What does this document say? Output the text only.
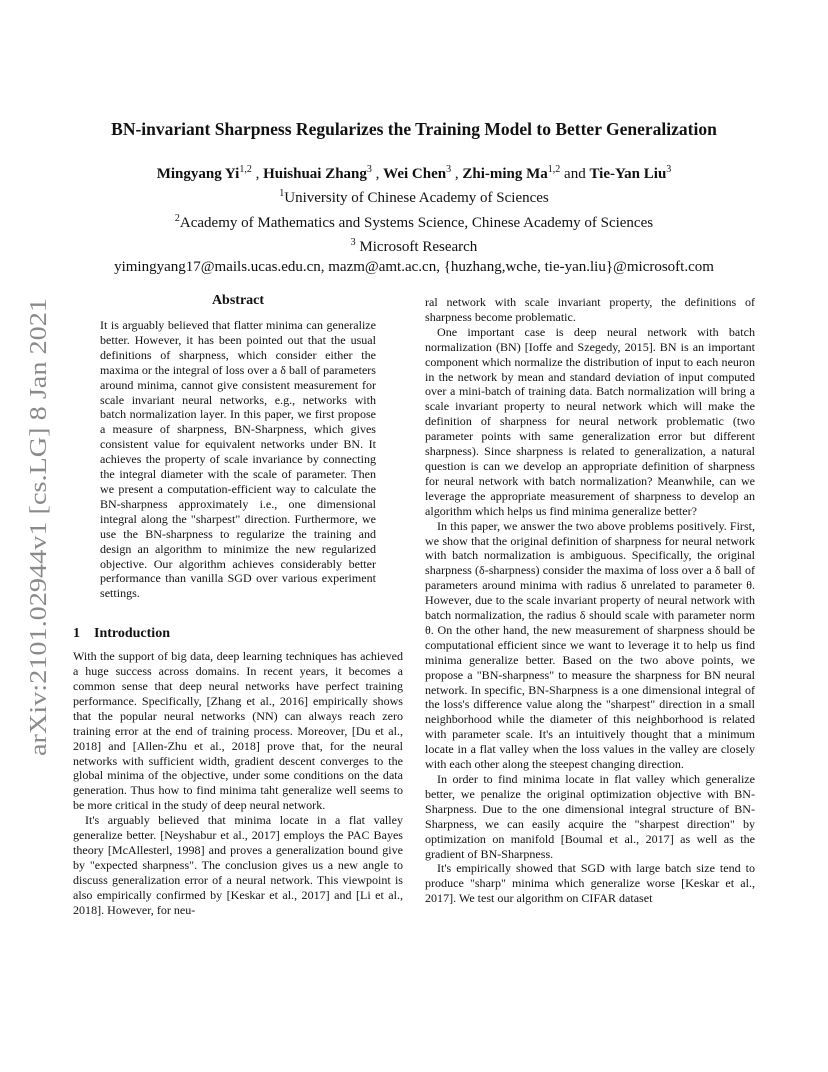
arXiv:2101.02944v1 [cs.LG] 8 Jan 2021
BN-invariant Sharpness Regularizes the Training Model to Better Generalization
Mingyang Yi$^{1,2}$ , Huishuai Zhang$^3$ , Wei Chen$^3$ , Zhi-ming Ma$^{1,2}$ and Tie-Yan Liu$^3$
$^1$University of Chinese Academy of Sciences
$^2$Academy of Mathematics and Systems Science, Chinese Academy of Sciences
$^3$ Microsoft Research
yimingyang17@mails.ucas.edu.cn, mazm@amt.ac.cn, {huzhang,wche, tie-yan.liu}@microsoft.com
Abstract

It is arguably believed that flatter minima can generalize better. However, it has been pointed out that the usual definitions of sharpness, which consider either the maxima or the integral of loss over a δ ball of parameters around minima, cannot give consistent measurement for scale invariant neural networks, e.g., networks with batch normalization layer. In this paper, we first propose a measure of sharpness, BN-Sharpness, which gives consistent value for equivalent networks under BN. It achieves the property of scale invariance by connecting the integral diameter with the scale of parameter. Then we present a computation-efficient way to calculate the BN-sharpness approximately i.e., one dimensional integral along the "sharpest" direction. Furthermore, we use the BN-sharpness to regularize the training and design an algorithm to minimize the new regularized objective. Our algorithm achieves considerably better performance than vanilla SGD over various experiment settings.

1 Introduction

With the support of big data, deep learning techniques has achieved a huge success across domains. In recent years, it becomes a common sense that deep neural networks have perfect training performance. Specifically, [Zhang et al., 2016] empirically shows that the popular neural networks (NN) can always reach zero training error at the end of training process. Moreover, [Du et al., 2018] and [Allen-Zhu et al., 2018] prove that, for the neural networks with sufficient width, gradient descent converges to the global minima of the objective, under some conditions on the data generation. Thus how to find minima taht generalize well seems to be more critical in the study of deep neural network.

It's arguably believed that minima locate in a flat valley generalize better. [Neyshabur et al., 2017] employs the PAC Bayes theory [McAllesterl, 1998] and proves a generalization bound give by "expected sharpness". The conclusion gives us a new angle to discuss generalization error of a neural network. This viewpoint is also empirically confirmed by [Keskar et al., 2017] and [Li et al., 2018]. However, for neu-

ral network with scale invariant property, the definitions of sharpness become problematic.

One important case is deep neural network with batch normalization (BN) [Ioffe and Szegedy, 2015]. BN is an important component which normalize the distribution of input to each neuron in the network by mean and standard deviation of input computed over a mini-batch of training data. Batch normalization will bring a scale invariant property to neural network which will make the definition of sharpness for neural network problematic (two parameter points with same generalization error but different sharpness). Since sharpness is related to generalization, a natural question is can we develop an appropriate definition of sharpness for neural network with batch normalization? Meanwhile, can we leverage the appropriate measurement of sharpness to develop an algorithm which helps us find minima generalize better?

In this paper, we answer the two above problems positively. First, we show that the original definition of sharpness for neural network with batch normalization is ambiguous. Specifically, the original sharpness (δ-sharpness) consider the maxima of loss over a δ ball of parameters around minima with radius δ unrelated to parameter θ. However, due to the scale invariant property of neural network with batch normalization, the radius δ should scale with parameter norm θ. On the other hand, the new measurement of sharpness should be computational efficient since we want to leverage it to help us find minima generalize better. Based on the two above points, we propose a "BN-sharpness" to measure the sharpness for BN neural network. In specific, BN-Sharpness is a one dimensional integral of the loss's difference value along the "sharpest" direction in a small neighborhood while the diameter of this neighborhood is related with parameter scale. It's an intuitively thought that a minimum locate in a flat valley when the loss values in the valley are closely with each other along the steepest changing direction.

In order to find minima locate in flat valley which generalize better, we penalize the original optimization objective with BN-Sharpness. Due to the one dimensional integral structure of BN-Sharpness, we can easily acquire the "sharpest direction" by optimization on manifold [Boumal et al., 2017] as well as the gradient of BN-Sharpness.

It's empirically showed that SGD with large batch size tend to produce "sharp" minima which generalize worse [Keskar et al., 2017]. We test our algorithm on CIFAR dataset
